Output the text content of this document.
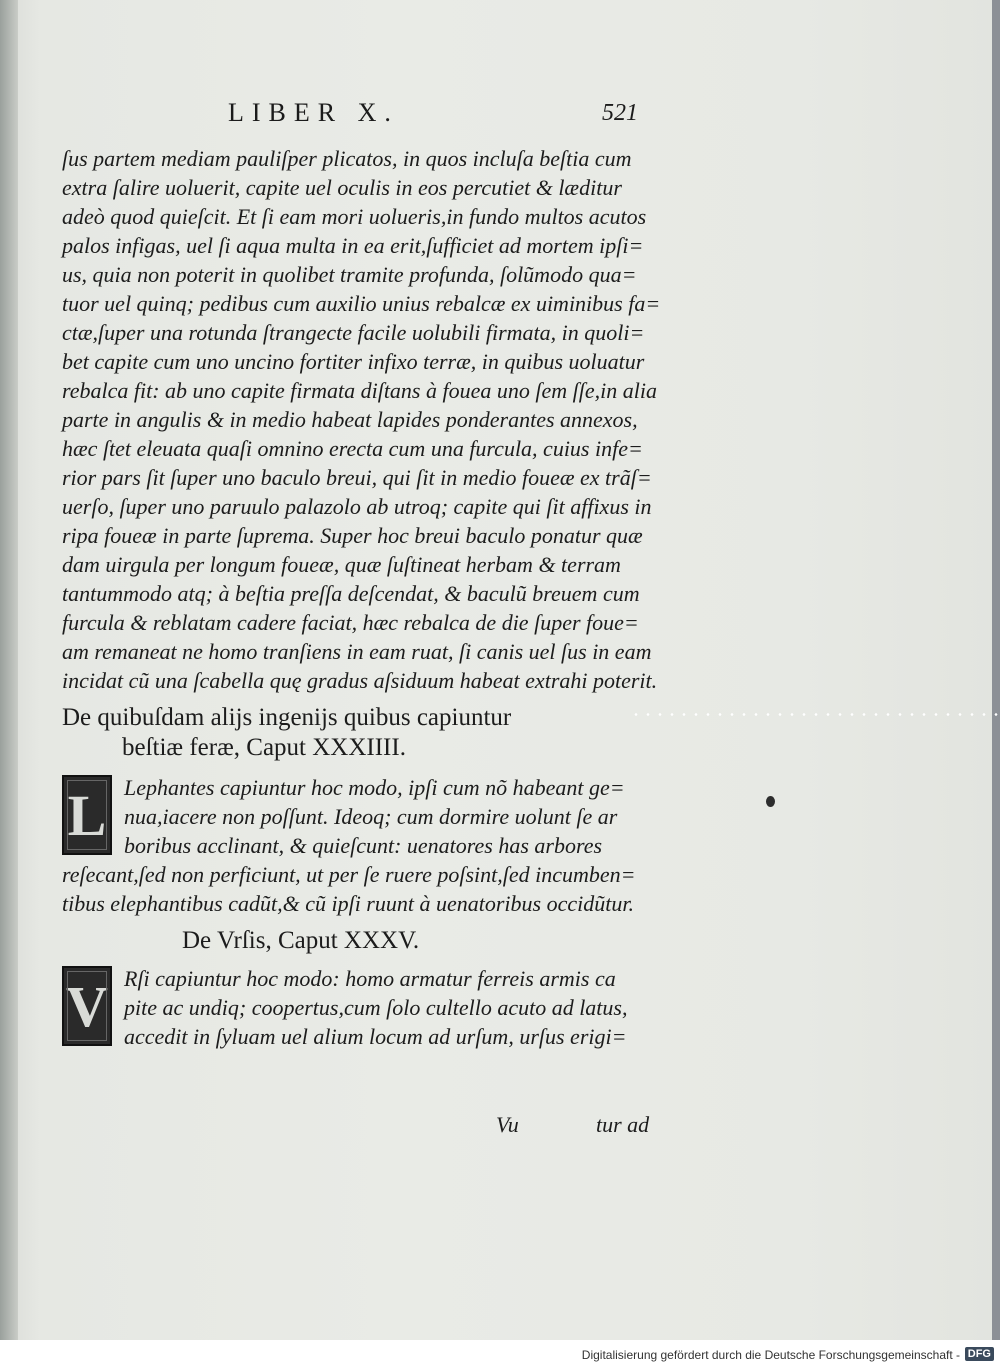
LIBER X.	521
ſus partem mediam pauliſper plicatos, in quos incluſa beſtia cum
extra ſalire uoluerit, capite uel oculis in eos percutiet & læditur
adeò quod quieſcit. Et ſi eam mori uolueris,in fundo multos acutos
palos infigas, uel ſi aqua multa in ea erit,ſufficiet ad mortem ipſi=
us, quia non poterit in quolibet tramite profunda, ſolũmodo qua=
tuor uel quinq; pedibus cum auxilio unius rebalcæ ex uiminibus fa=
ctæ,ſuper una rotunda ſtrangecte facile uolubili firmata, in quoli=
bet capite cum uno uncino fortiter infixo terræ, in quibus uoluatur
rebalca fit: ab uno capite firmata diſtans à fouea uno ſem ſſe,in alia
parte in angulis & in medio habeat lapides ponderantes annexos,
hæc ſtet eleuata quaſi omnino erecta cum una furcula, cuius infe=
rior pars ſit ſuper uno baculo breui, qui ſit in medio foueæ ex trãſ=
uerſo, ſuper uno paruulo palazolo ab utroq; capite qui ſit affixus in
ripa foueæ in parte ſuprema. Super hoc breui baculo ponatur quæ
dam uirgula per longum foueæ, quæ ſuſtineat herbam & terram
tantummodo atq; à beſtia preſſa deſcendat, & baculũ breuem cum
furcula & reblatam cadere faciat, hæc rebalca de die ſuper foue=
am remaneat ne homo tranſiens in eam ruat, ſi canis uel ſus in eam
incidat cũ una ſcabella quę gradus aſsiduum habeat extrahi poterit.
De quibuſdam aliјs ingenijs quibus capiuntur
beſtiæ feræ, Caput XXXIIII.
L Lephantes capiuntur hoc modo, ipſi cum nõ habeant ge=
nua,iacere non poſſunt. Ideoq; cum dormire uolunt ſe ar
boribus acclinant, & quieſcunt: uenatores has arbores
reſecant,ſed non perficiunt, ut per ſe ruere poſsint,ſed incumben=
tibus elephantibus cadũt,& cũ ipſi ruunt à uenatoribus occidũtur.
De Vrſis, Caput XXXV.
V Rſi capiuntur hoc modo: homo armatur ferreis armis ca
pite ac undiq; coopertus,cum ſolo cultello acuto ad latus,
accedit in ſyluam uel alium locum ad urſum, urſus erigi=
Vu	tur ad
Digitalisierung gefördert durch die Deutsche Forschungsgemeinschaft - DFG
